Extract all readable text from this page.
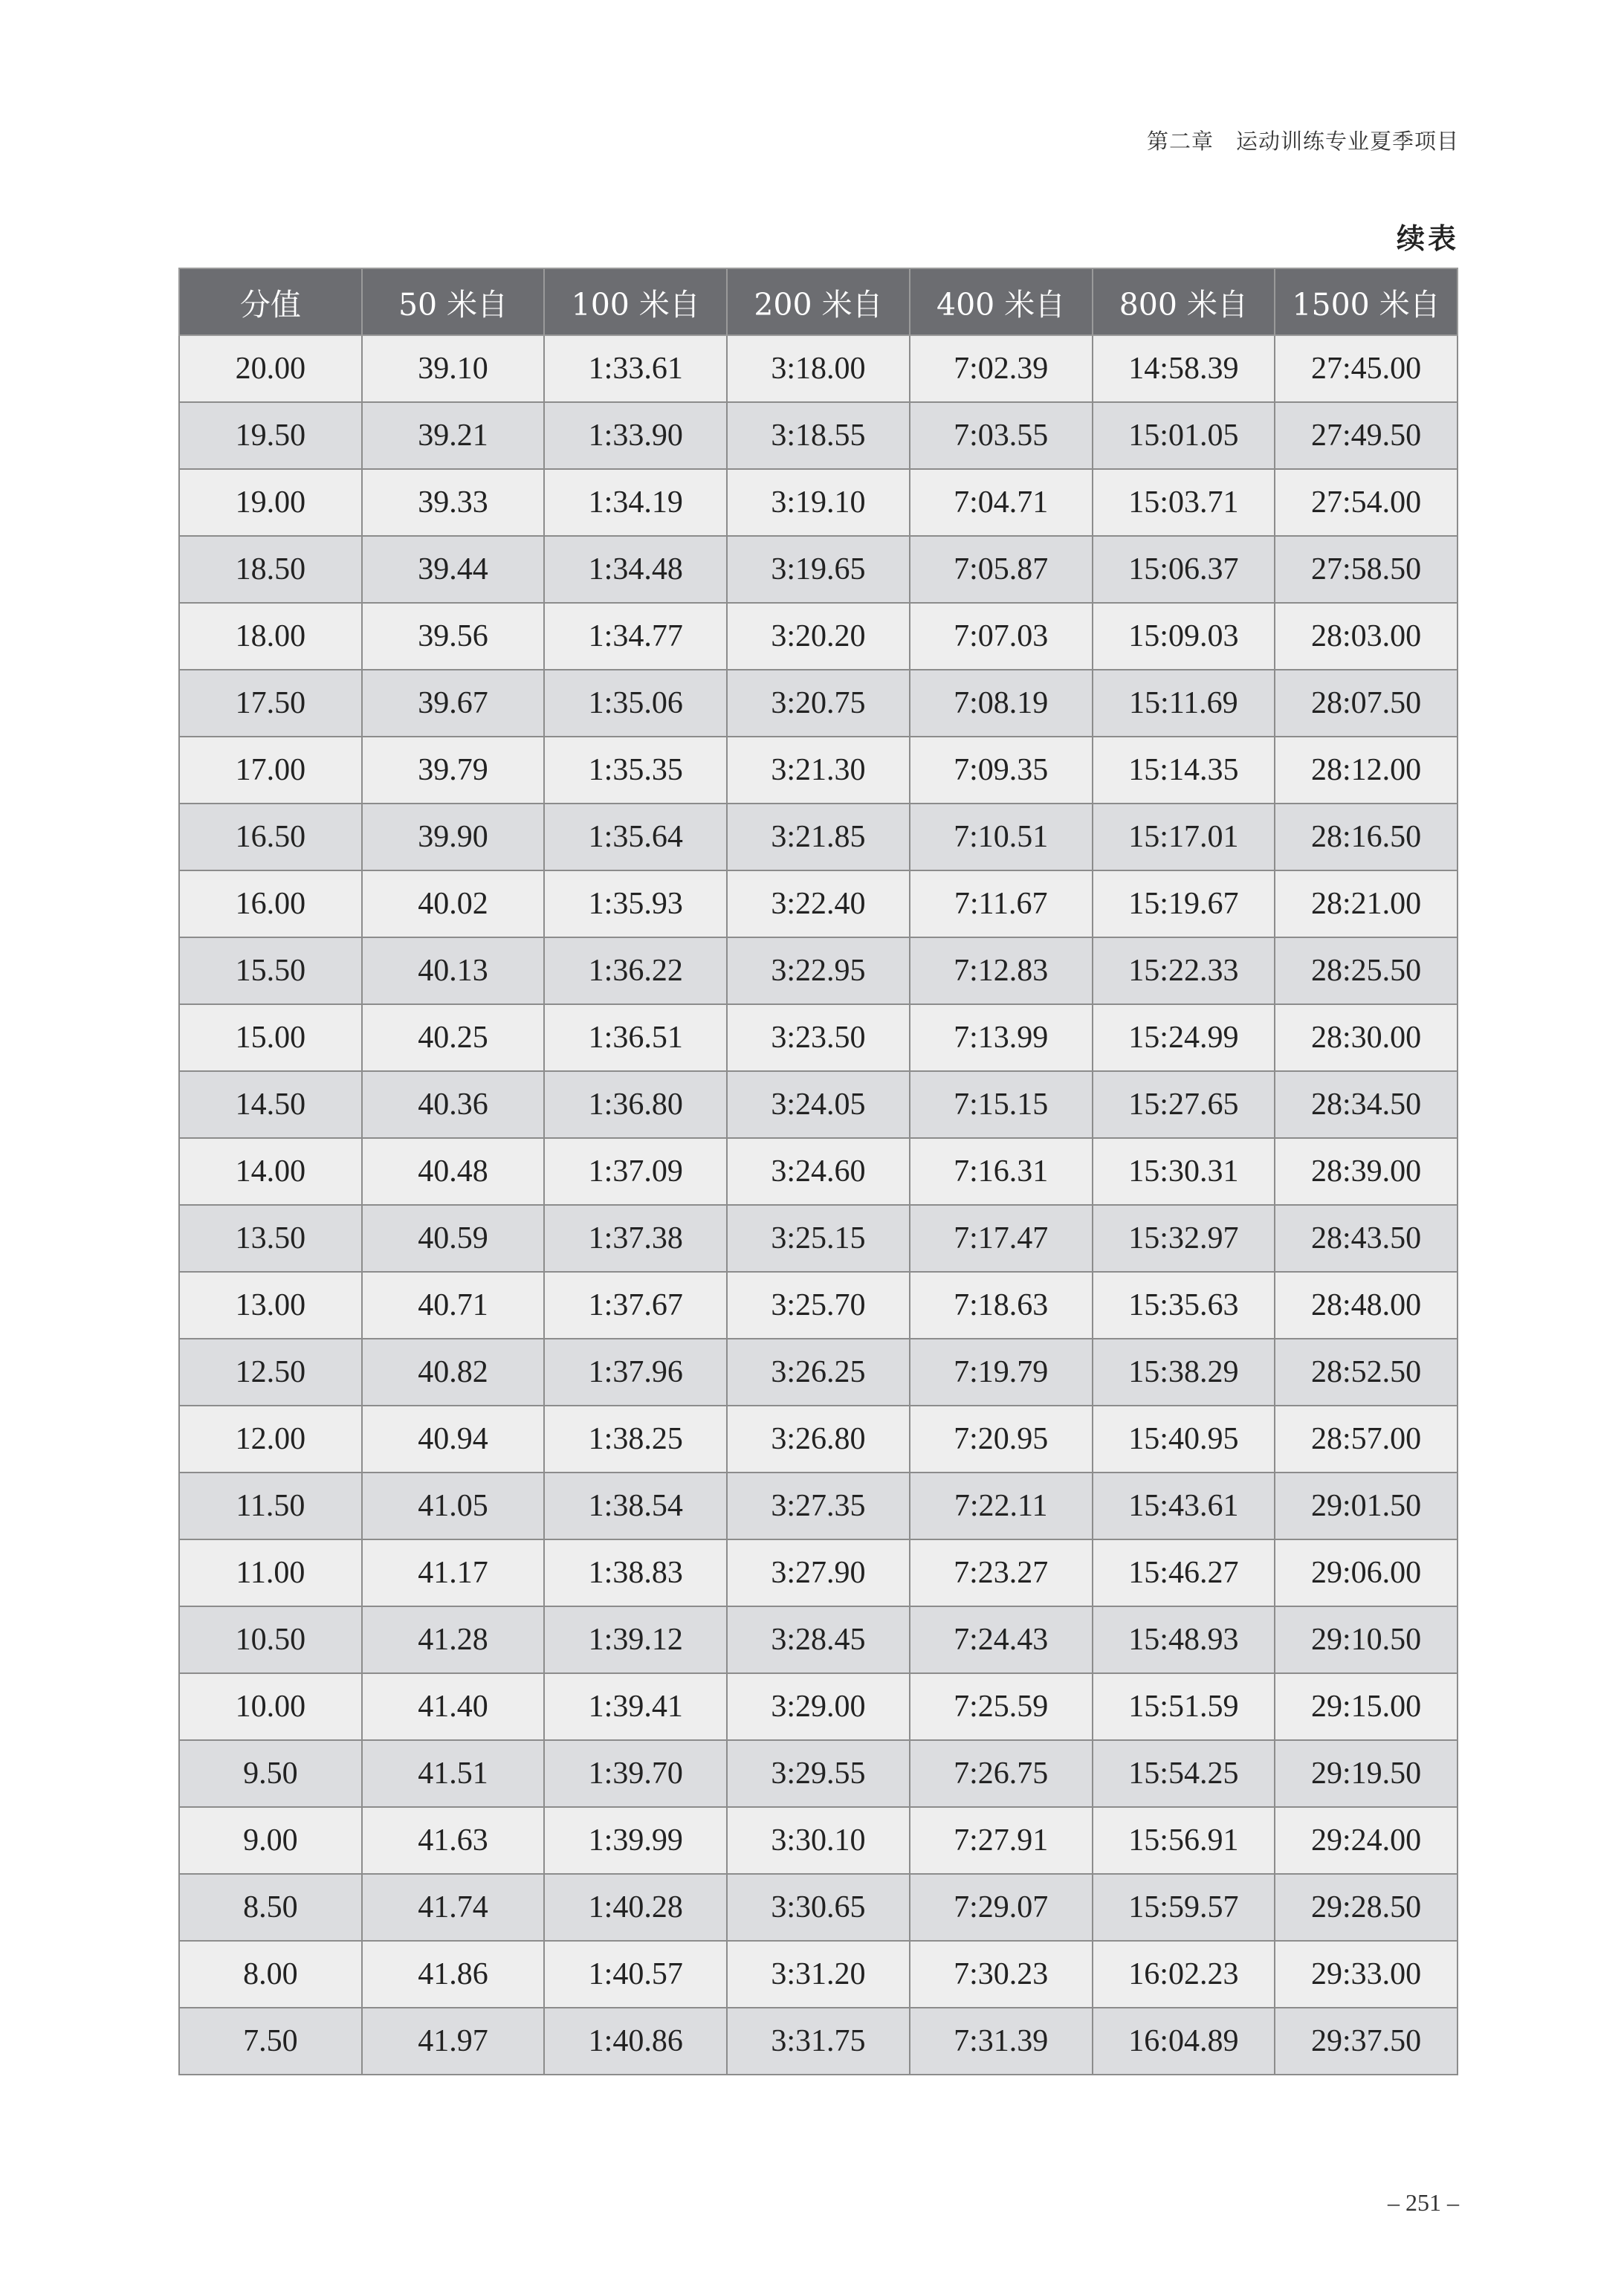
第二章　运动训练专业夏季项目
续表
分值	50 米自	100 米自	200 米自	400 米自	800 米自	1500 米自
20.00	39.10	1:33.61	3:18.00	7:02.39	14:58.39	27:45.00
19.50	39.21	1:33.90	3:18.55	7:03.55	15:01.05	27:49.50
19.00	39.33	1:34.19	3:19.10	7:04.71	15:03.71	27:54.00
18.50	39.44	1:34.48	3:19.65	7:05.87	15:06.37	27:58.50
18.00	39.56	1:34.77	3:20.20	7:07.03	15:09.03	28:03.00
17.50	39.67	1:35.06	3:20.75	7:08.19	15:11.69	28:07.50
17.00	39.79	1:35.35	3:21.30	7:09.35	15:14.35	28:12.00
16.50	39.90	1:35.64	3:21.85	7:10.51	15:17.01	28:16.50
16.00	40.02	1:35.93	3:22.40	7:11.67	15:19.67	28:21.00
15.50	40.13	1:36.22	3:22.95	7:12.83	15:22.33	28:25.50
15.00	40.25	1:36.51	3:23.50	7:13.99	15:24.99	28:30.00
14.50	40.36	1:36.80	3:24.05	7:15.15	15:27.65	28:34.50
14.00	40.48	1:37.09	3:24.60	7:16.31	15:30.31	28:39.00
13.50	40.59	1:37.38	3:25.15	7:17.47	15:32.97	28:43.50
13.00	40.71	1:37.67	3:25.70	7:18.63	15:35.63	28:48.00
12.50	40.82	1:37.96	3:26.25	7:19.79	15:38.29	28:52.50
12.00	40.94	1:38.25	3:26.80	7:20.95	15:40.95	28:57.00
11.50	41.05	1:38.54	3:27.35	7:22.11	15:43.61	29:01.50
11.00	41.17	1:38.83	3:27.90	7:23.27	15:46.27	29:06.00
10.50	41.28	1:39.12	3:28.45	7:24.43	15:48.93	29:10.50
10.00	41.40	1:39.41	3:29.00	7:25.59	15:51.59	29:15.00
9.50	41.51	1:39.70	3:29.55	7:26.75	15:54.25	29:19.50
9.00	41.63	1:39.99	3:30.10	7:27.91	15:56.91	29:24.00
8.50	41.74	1:40.28	3:30.65	7:29.07	15:59.57	29:28.50
8.00	41.86	1:40.57	3:31.20	7:30.23	16:02.23	29:33.00
7.50	41.97	1:40.86	3:31.75	7:31.39	16:04.89	29:37.50
– 251 –
